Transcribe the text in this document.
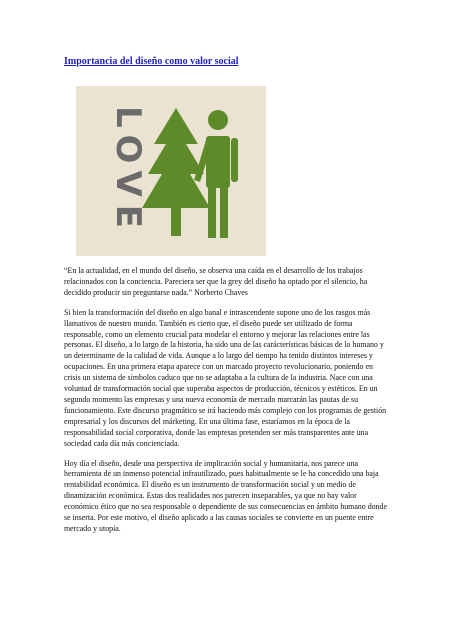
Importancia del diseño como valor social
LOVE

“En la actualidad, en el mundo del diseño, se observa una caída en el desarrollo de los trabajos relacionados con la conciencia. Pareciera ser que la grey del diseño ha optado por el silencio, ha decidido producir sin preguntarse nada.” Norberto Chaves

Si bien la transformación del diseño en algo banal e intrascendente supone uno de los rasgos más llamativos de nuestro mundo. También es cierto que, el diseño puede ser utilizado de forma responsable, como un elemento crucial para modelar el entorno y mejorar las relaciones entre las personas. El diseño, a lo largo de la historia, ha sido una de las carácterísticas básicas de lo humano y un determinante de la calidad de vida. Aunque a lo largo del tiempo ha tenido distintos intereses y ocupaciones. En una primera etapa aparece con un marcado proyecto revolucionario, poniendo en crisis un sistema de símbolos caduco que no se adaptaba a la cultura de la industria. Nace con una voluntad de transformación social que superaba aspectos de producción, técnicos y estéticos. En un segundo momento las empresas y una nueva economía de mercado marcarán las pautas de su funcionamiento. Este discurso pragmático se irá haciendo más complejo con los programas de gestión empresarial y los discursos del márketing. En una última fase, estaríamos en la época de la responsabilidad social corporativa, donde las empresas pretenden ser más transparentes ante una sociedad cada día más concienciada.

Hoy día el diseño, desde una perspectiva de implicación social y humanitaria, nos parece una herramienta de un inmenso potencial infrautilizado, pues habitualmente se le ha concedido una baja rentabilidad económica. El diseño es un instrumento de transformación social y un medio de dinamización económica. Estas dos realidades nos parecen inseparables, ya que no hay valor económico ético que no sea responsable o dependiente de sus consecuencias en ámbito humano donde se inserta. Por este motivo, el diseño aplicado a las causas sociales se convierte en un puente entre mercado y utopía.
